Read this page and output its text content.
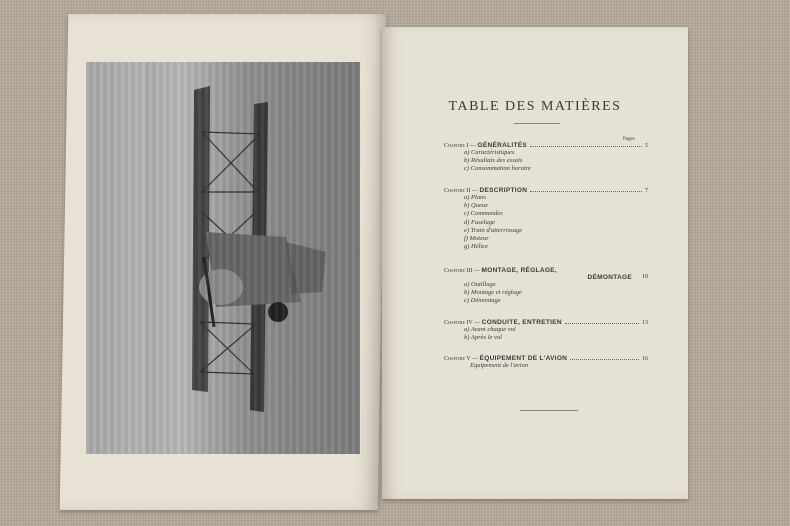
TABLE DES MATIÈRES
Pages
Chapitre I —
GÉNÉRALITÉS	5
a) Caractéristiques
b) Résultats des essais
c) Consommation horaire
Chapitre II —
DESCRIPTION	7
a) Plans
b) Queue
c) Commandes
d) Fuselage
e) Train d'atterrissage
f) Moteur
g) Hélice
Chapitre III —
MONTAGE, RÉGLAGE,
DÉMONTAGE 10
a) Outillage
b) Montage et réglage
c) Démontage
Chapitre IV —
CONDUITE, ENTRETIEN	13
a) Avant chaque vol
b) Après le vol
Chapitre V —
ÉQUIPEMENT DE L'AVION	16
Equipement de l'avion
